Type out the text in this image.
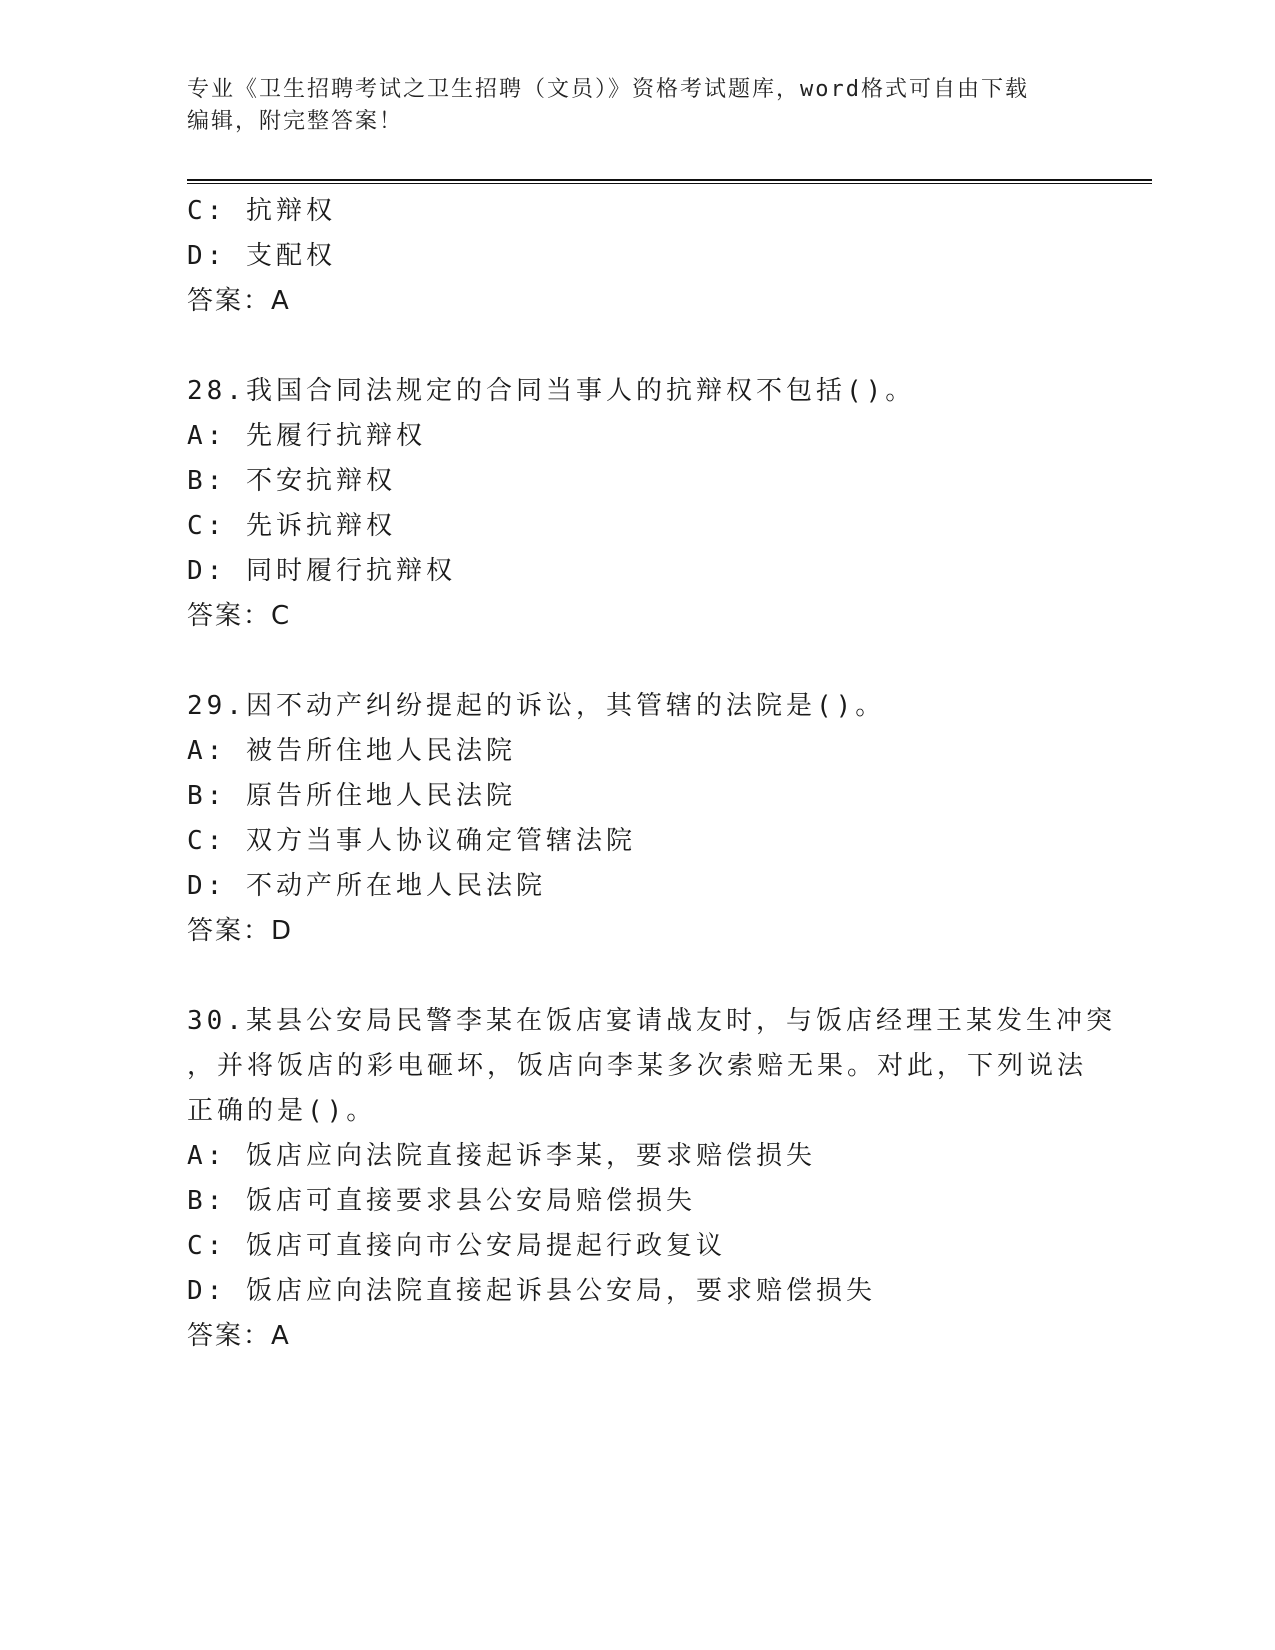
专业《卫生招聘考试之卫生招聘（文员）》资格考试题库，word格式可自由下载
编辑，附完整答案！
C: 抗辩权
D: 支配权
答案：A
28.我国合同法规定的合同当事人的抗辩权不包括()。
A: 先履行抗辩权
B: 不安抗辩权
C: 先诉抗辩权
D: 同时履行抗辩权
答案：C
29.因不动产纠纷提起的诉讼，其管辖的法院是()。
A: 被告所住地人民法院
B: 原告所住地人民法院
C: 双方当事人协议确定管辖法院
D: 不动产所在地人民法院
答案：D
30.某县公安局民警李某在饭店宴请战友时，与饭店经理王某发生冲突
，并将饭店的彩电砸坏，饭店向李某多次索赔无果。对此，下列说法
正确的是()。
A: 饭店应向法院直接起诉李某，要求赔偿损失
B: 饭店可直接要求县公安局赔偿损失
C: 饭店可直接向市公安局提起行政复议
D: 饭店应向法院直接起诉县公安局，要求赔偿损失
答案：A
